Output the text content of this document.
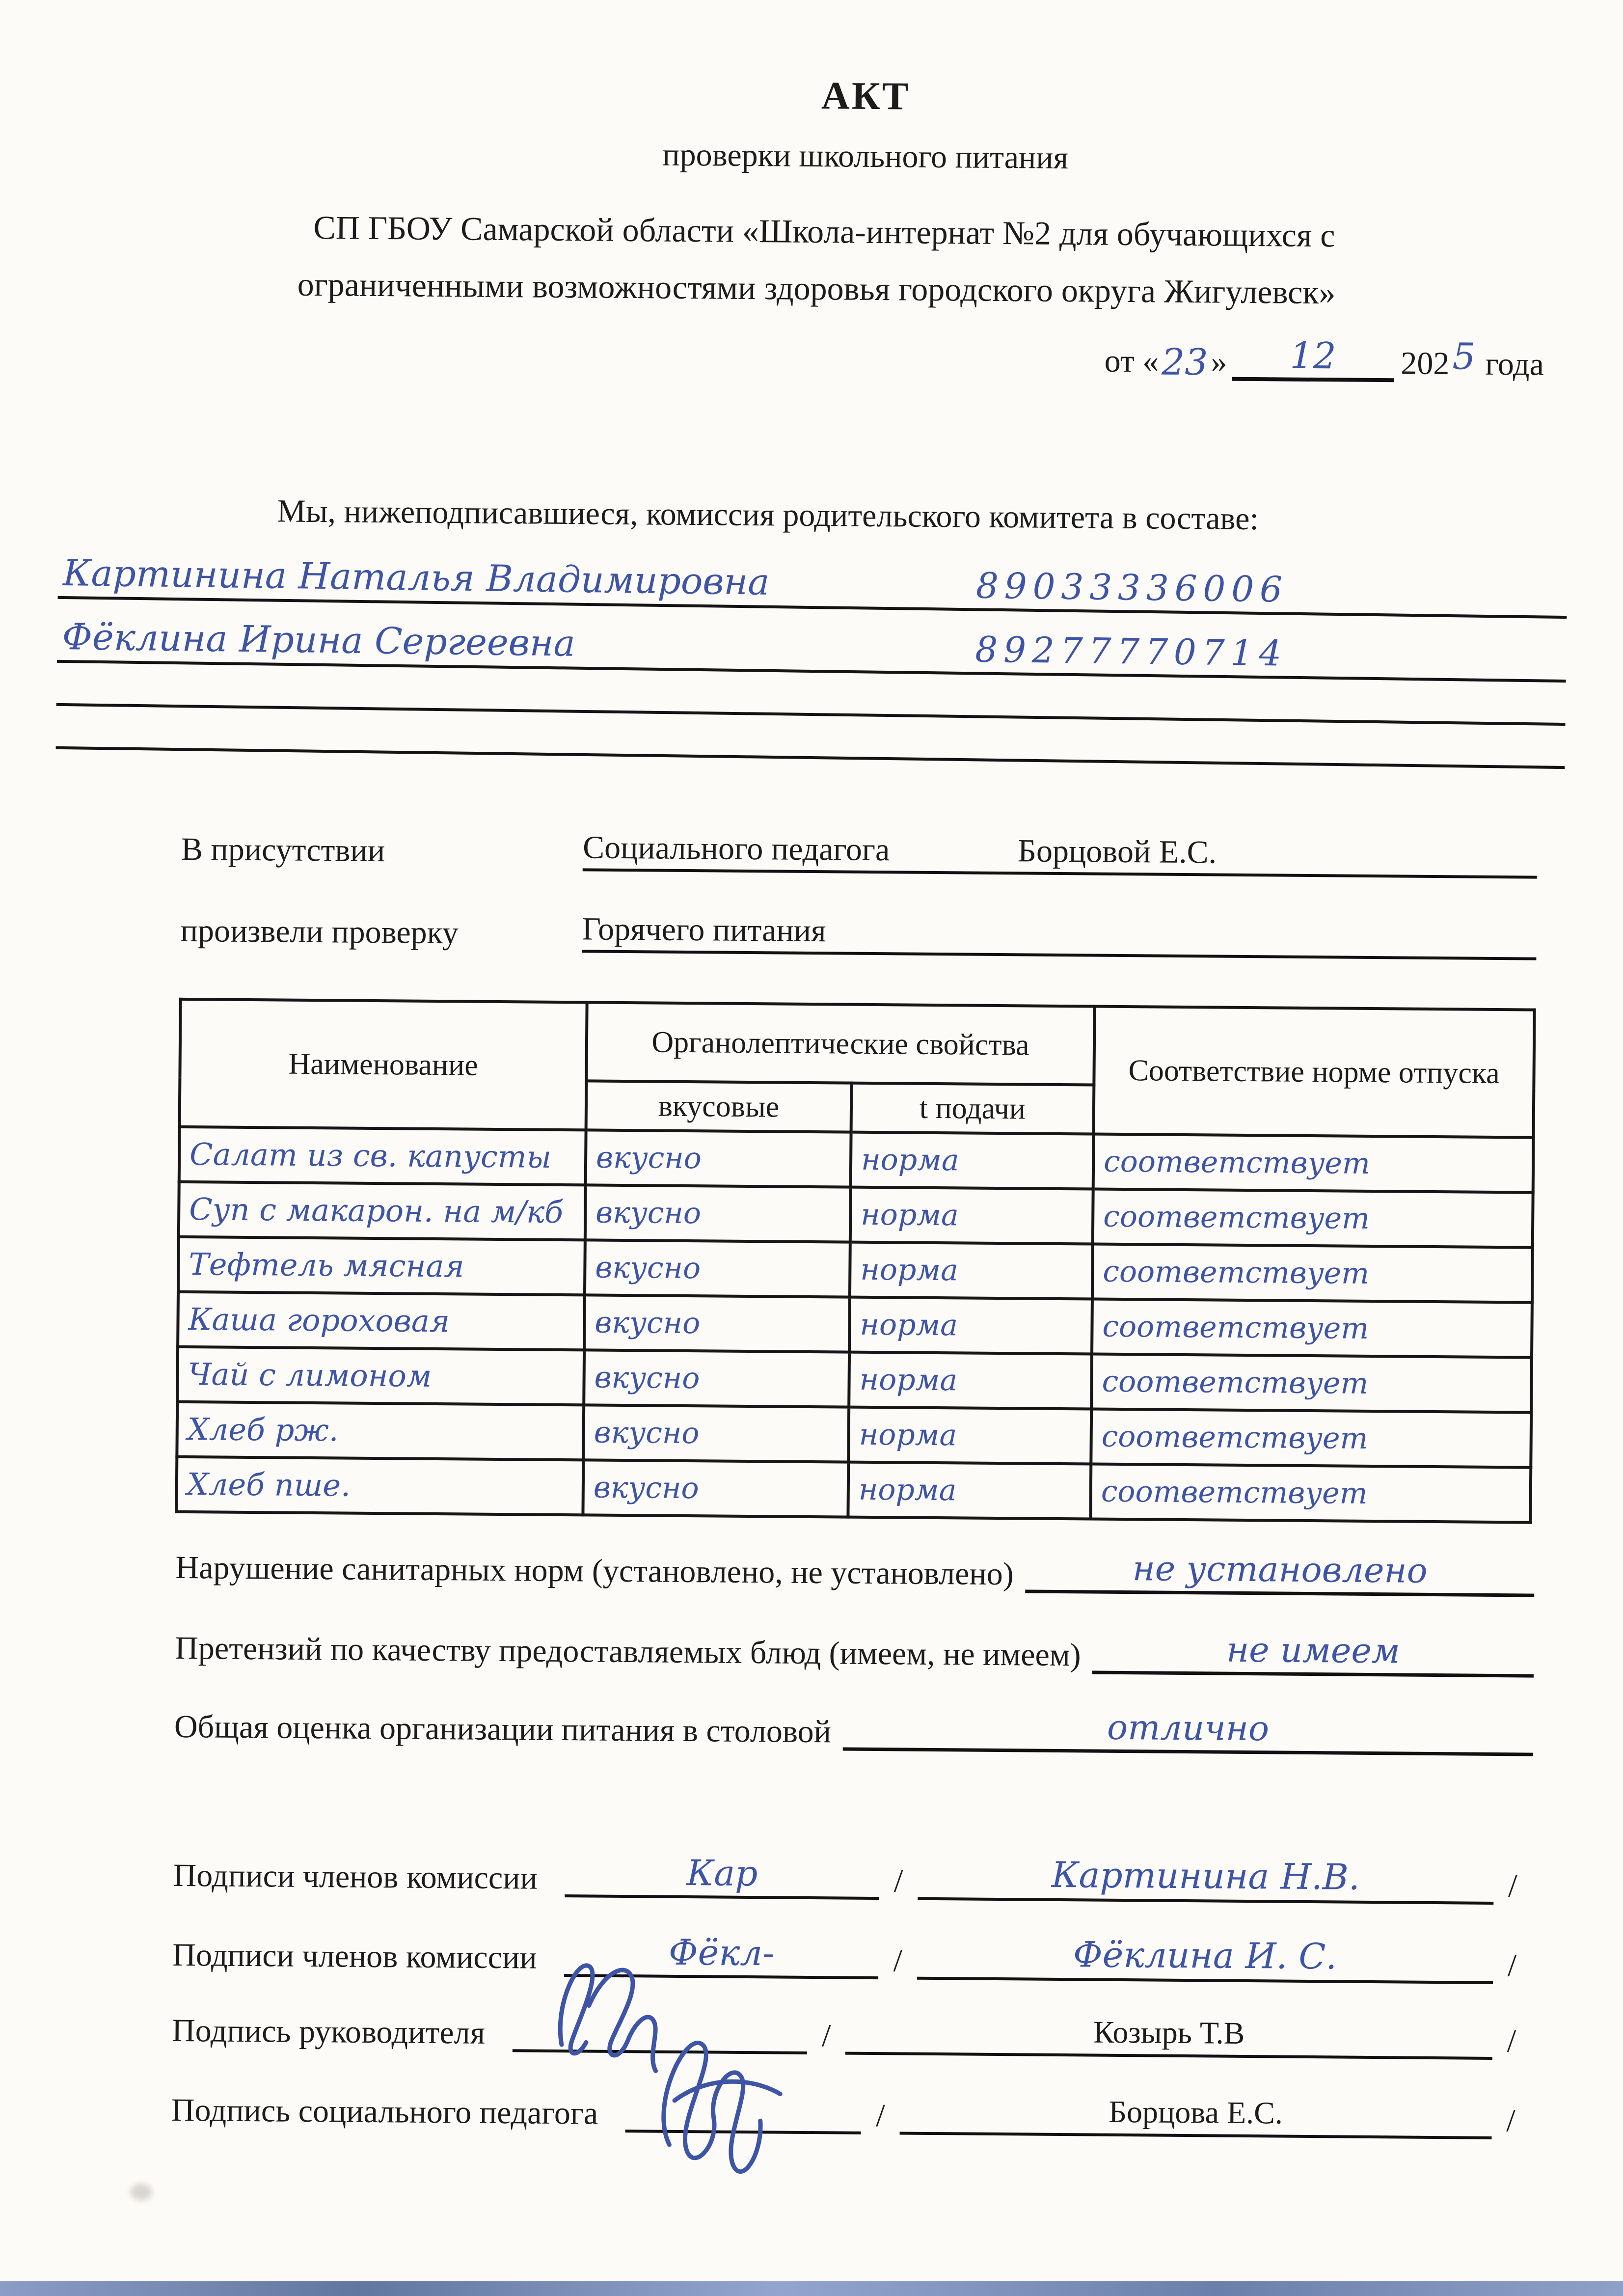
АКТ
проверки школьного питания
СП ГБОУ Самарской области «Школа-интернат №2 для обучающихся с
ограниченными возможностями здоровья городского округа Жигулевск»
от « 23 »	12	202 5 года
Мы, нижеподписавшиеся, комиссия родительского комитета в составе:
Картинина Наталья Владимировна	89033336006
Фёклина Ирина Сергеевна	89277770714
В присутствии	Социального педагога	Борцовой Е.С.
произвели проверку	Горячего питания
Наименование	Органолептические свойства		Соответствие норме отпуска
	вкусовые	t подачи	
Салат из св. капусты	вкусно	норма	соответствует
Суп с макарон. на м/кб	вкусно	норма	соответствует
Тефтель мясная	вкусно	норма	соответствует
Каша гороховая	вкусно	норма	соответствует
Чай с лимоном	вкусно	норма	соответствует
Хлеб рж.	вкусно	норма	соответствует
Хлеб пше.	вкусно	норма	соответствует
Нарушение санитарных норм (установлено, не установлено)	не установлено
Претензий по качеству предоставляемых блюд (имеем, не имеем)	не имеем
Общая оценка организации питания в столовой	отлично
Подписи членов комиссии	Кар	/	Картинина Н.В.	/
Подписи членов комиссии	Фёкл-	/	Фёклина И. С.	/
Подпись руководителя	/	Козырь Т.В	/
Подпись социального педагога	/	Борцова Е.С.	/
